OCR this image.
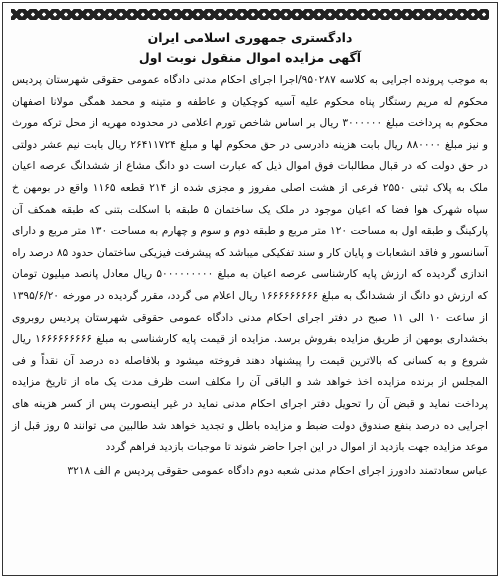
دادگستری جمهوری اسلامی ایران

آگهی مزایده اموال منقول نوبت اول

به موجب پرونده اجرایی به کلاسه ۹۵۰۲۸۷/اجرا اجرای احکام مدنی دادگاه عمومی حقوقی شهرستان پردیس محکوم له مریم رستگار پناه محکوم علیه آسیه کوچکیان و عاطفه و متینه و محمد همگی مولانا اصفهان محکوم به پرداخت مبلغ ۳۰۰۰۰۰۰ ریال بر اساس شاخص تورم اعلامی در محدوده مهریه از محل ترکه مورث و نیز مبلغ ۸۸۰۰۰۰ ریال بابت هزینه دادرسی در حق محکوم لها و مبلغ ۲۶۴۱۱۷۲۴ ریال بابت نیم عشر دولتی در حق دولت که در قبال مطالبات فوق اموال ذیل که عبارت است دو دانگ مشاع از ششدانگ عرصه اعیان ملک به پلاک ثبتی ۲۵۵۰ فرعی از هشت اصلی مفروز و مجزی شده از ۲۱۴ قطعه ۱۱۶۵ واقع در بومهن خ سپاه شهرک هوا فضا که اعیان موجود در ملک یک ساختمان ۵ طبقه با اسکلت بتنی که طبقه همکف آن پارکینگ و طبقه اول به مساحت ۱۲۰ متر مربع و طبقه دوم و سوم و چهارم به مساحت ۱۳۰ متر مربع و دارای آسانسور و فاقد انشعابات و پایان کار و سند تفکیکی میباشد که پیشرفت فیزیکی ساختمان حدود ۸۵ درصد راه اندازی گردیده که ارزش پایه کارشناسی عرصه اعیان به مبلغ ۵۰۰۰۰۰۰۰۰۰ ریال معادل پانصد میلیون تومان که ارزش دو دانگ از ششدانگ به مبلغ ۱۶۶۶۶۶۶۶۶۶ ریال اعلام می گردد، مقرر گردیده در مورخه ۱۳۹۵/۶/۲۰ از ساعت ۱۰ الی ۱۱ صبح در دفتر اجرای احکام مدنی دادگاه عمومی حقوقی شهرستان پردیس روبروی بخشداری بومهن از طریق مزایده بفروش برسد. مزایده از قیمت پایه کارشناسی به مبلغ ۱۶۶۶۶۶۶۶۶۶ ریال شروع و به کسانی که بالاترین قیمت را پیشنهاد دهند فروخته میشود و بلافاصله ده درصد آن نقداً و فی المجلس از برنده مزایده اخذ خواهد شد و الباقی آن را مکلف است ظرف مدت یک ماه از تاریخ مزایده پرداخت نماید و قبض آن را تحویل دفتر اجرای احکام مدنی نماید در غیر اینصورت پس از کسر هزینه های اجرایی ده درصد بنفع صندوق دولت ضبط و مزایده باطل و تجدید خواهد شد طالبین می توانند ۵ روز قبل از موعد مزایده جهت بازدید از اموال در این اجرا حاضر شوند تا موجبات بازدید فراهم گردد

عباس سعادتمند دادورز اجرای احکام مدنی شعبه دوم دادگاه عمومی حقوقی پردیس م الف ۳۲۱۸
